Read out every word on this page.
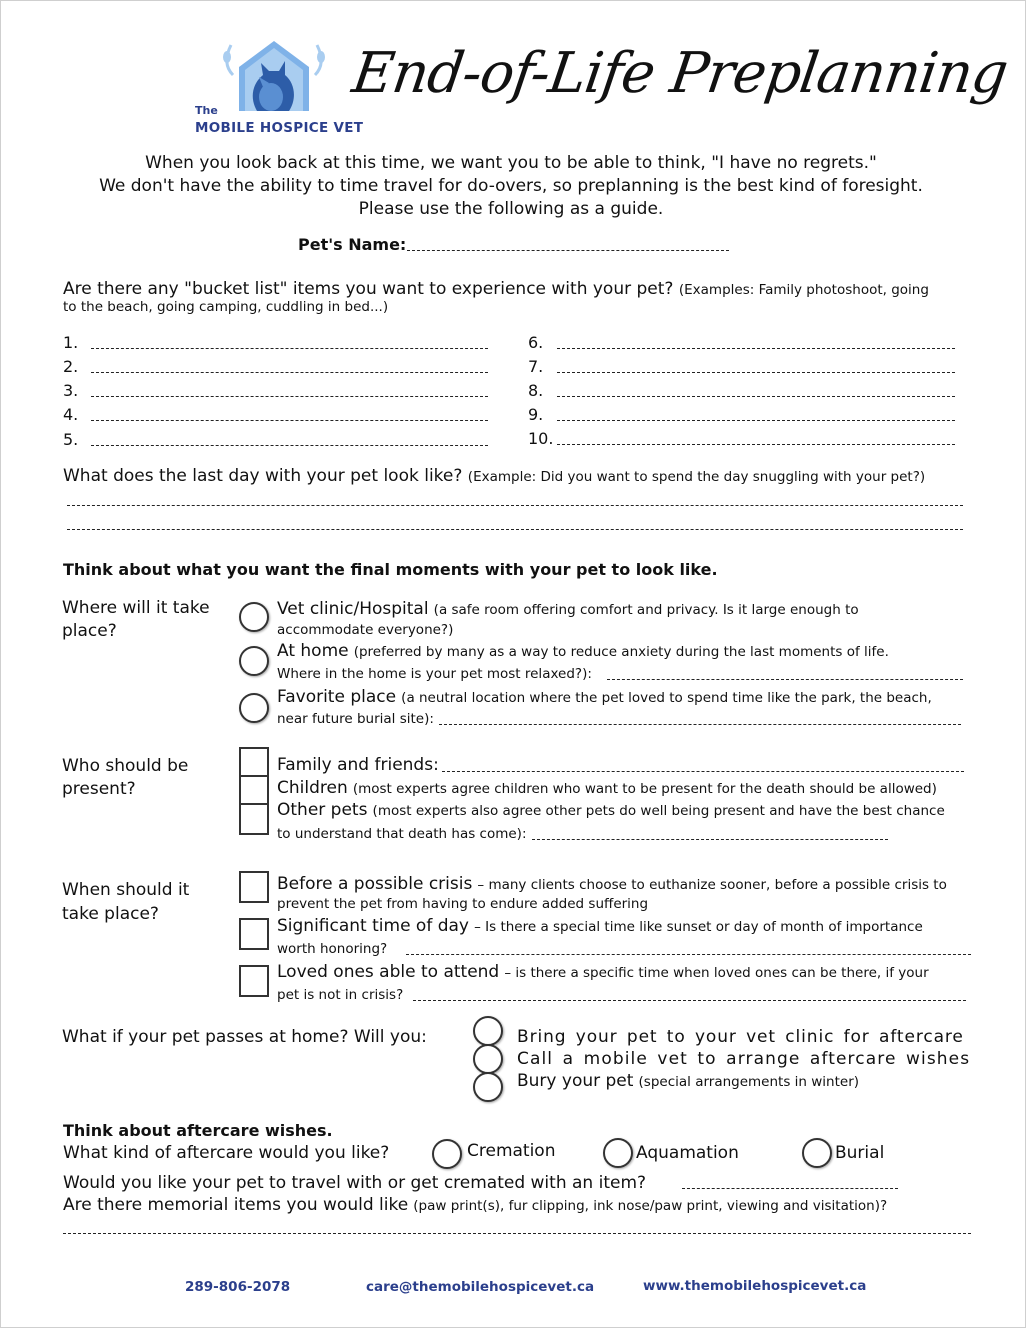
The
MOBILE HOSPICE VET
End-of-Life Preplanning
When you look back at this time, we want you to be able to think, "I have no regrets."
We don't have the ability to time travel for do-overs, so preplanning is the best kind of foresight.
Please use the following as a guide.
Pet's Name:
Are there any "bucket list" items you want to experience with your pet? (Examples: Family photoshoot, going
to the beach, going camping, cuddling in bed...)
1.
2.
3.
4.
5.
6.
7.
8.
9.
10.
What does the last day with your pet look like? (Example: Did you want to spend the day snuggling with your pet?)
Think about what you want the final moments with your pet to look like.
Where will it take
place?
Vet clinic/Hospital (a safe room offering comfort and privacy. Is it large enough to
accommodate everyone?)
At home (preferred by many as a way to reduce anxiety during the last moments of life.
Where in the home is your pet most relaxed?):
Favorite place (a neutral location where the pet loved to spend time like the park, the beach,
near future burial site):
Who should be
present?
Family and friends:
Children (most experts agree children who want to be present for the death should be allowed)
Other pets (most experts also agree other pets do well being present and have the best chance
to understand that death has come):
When should it
take place?
Before a possible crisis – many clients choose to euthanize sooner, before a possible crisis to
prevent the pet from having to endure added suffering
Significant time of day – Is there a special time like sunset or day of month of importance
worth honoring?
Loved ones able to attend – is there a specific time when loved ones can be there, if your
pet is not in crisis?
What if your pet passes at home? Will you:	Bring your pet to your vet clinic for aftercare
Call a mobile vet to arrange aftercare wishes
Bury your pet (special arrangements in winter)
Think about aftercare wishes.
What kind of aftercare would you like?	Cremation	Aquamation	Burial
Would you like your pet to travel with or get cremated with an item?
Are there memorial items you would like (paw print(s), fur clipping, ink nose/paw print, viewing and visitation)?
289-806-2078	care@themobilehospicevet.ca	www.themobilehospicevet.ca
